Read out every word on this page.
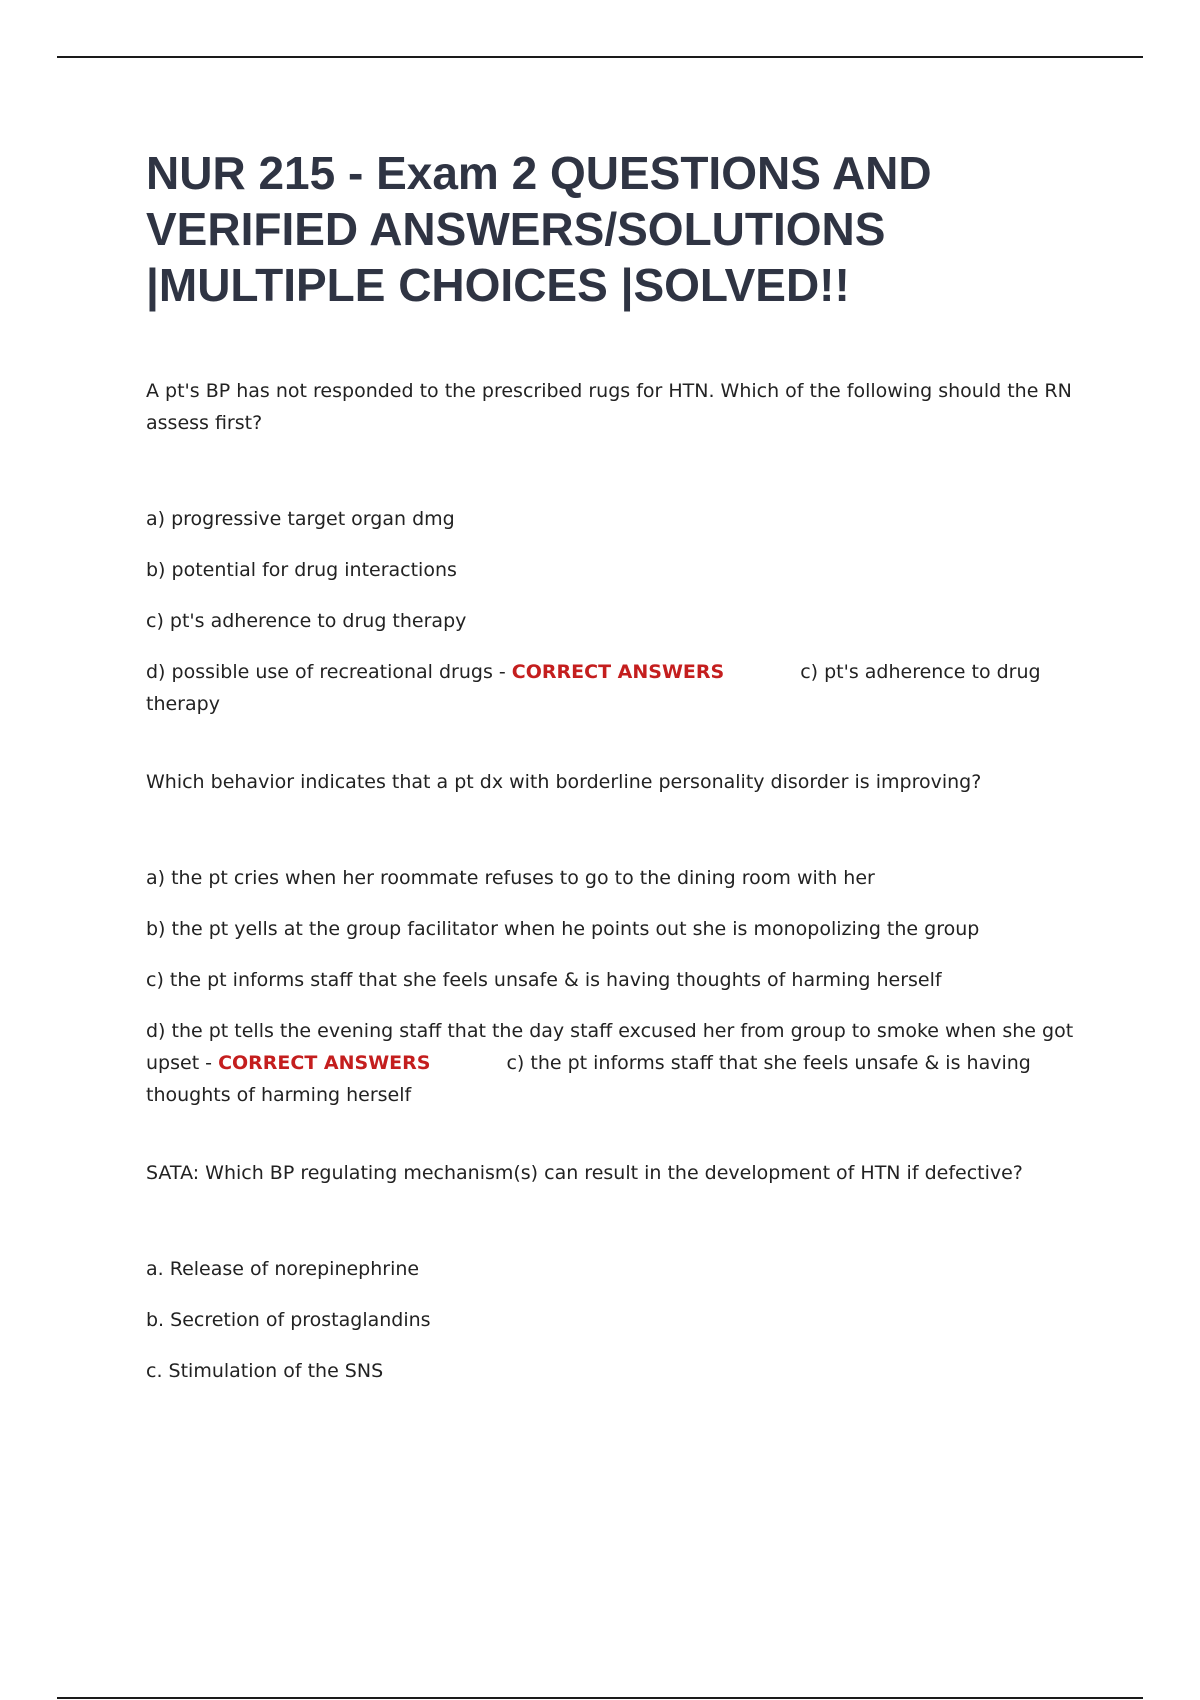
NUR 215 - Exam 2 QUESTIONS AND VERIFIED ANSWERS/SOLUTIONS |MULTIPLE CHOICES |SOLVED!!

A pt's BP has not responded to the prescribed rugs for HTN. Which of the following should the RN assess first?

a) progressive target organ dmg

b) potential for drug interactions

c) pt's adherence to drug therapy

d) possible use of recreational drugs - CORRECT ANSWERS	c) pt's adherence to drug therapy

Which behavior indicates that a pt dx with borderline personality disorder is improving?

a) the pt cries when her roommate refuses to go to the dining room with her

b) the pt yells at the group facilitator when he points out she is monopolizing the group

c) the pt informs staff that she feels unsafe & is having thoughts of harming herself

d) the pt tells the evening staff that the day staff excused her from group to smoke when she got upset - CORRECT ANSWERS	c) the pt informs staff that she feels unsafe & is having thoughts of harming herself

SATA: Which BP regulating mechanism(s) can result in the development of HTN if defective?

a. Release of norepinephrine

b. Secretion of prostaglandins

c. Stimulation of the SNS
